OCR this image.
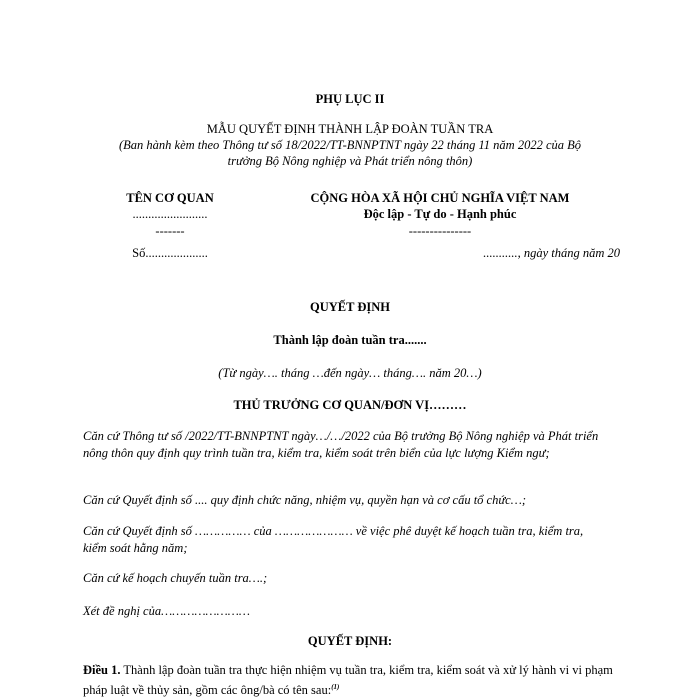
PHỤ LỤC II
MẪU QUYẾT ĐỊNH THÀNH LẬP ĐOÀN TUẦN TRA
(Ban hành kèm theo Thông tư số 18/2022/TT-BNNPTNT ngày 22 tháng 11 năm 2022 của Bộ
trưởng Bộ Nông nghiệp và Phát triển nông thôn)
TÊN CƠ QUAN
........................
-------
Số....................
CỘNG HÒA XÃ HỘI CHỦ NGHĨA VIỆT NAM
Độc lập - Tự do - Hạnh phúc
---------------
..........., ngày tháng năm 20
QUYẾT ĐỊNH
Thành lập đoàn tuần tra.......
(Từ ngày…. tháng …đến ngày… tháng…. năm 20…)
THỦ TRƯỞNG CƠ QUAN/ĐƠN VỊ………
Căn cứ Thông tư số /2022/TT-BNNPTNT ngày…/…/2022 của Bộ trưởng Bộ Nông nghiệp và Phát triển nông thôn quy định quy trình tuần tra, kiểm tra, kiểm soát trên biển của lực lượng Kiểm ngư;
Căn cứ Quyết định số .... quy định chức năng, nhiệm vụ, quyền hạn và cơ cấu tổ chức…;
Căn cứ Quyết định số …………… của ………………… về việc phê duyệt kế hoạch tuần tra, kiểm tra, kiểm soát hằng năm;
Căn cứ kế hoạch chuyến tuần tra….;
Xét đề nghị của……………………
QUYẾT ĐỊNH:
Điều 1. Thành lập đoàn tuần tra thực hiện nhiệm vụ tuần tra, kiểm tra, kiểm soát và xử lý hành vi vi phạm pháp luật về thủy sản, gồm các ông/bà có tên sau:$^{(1)}$
